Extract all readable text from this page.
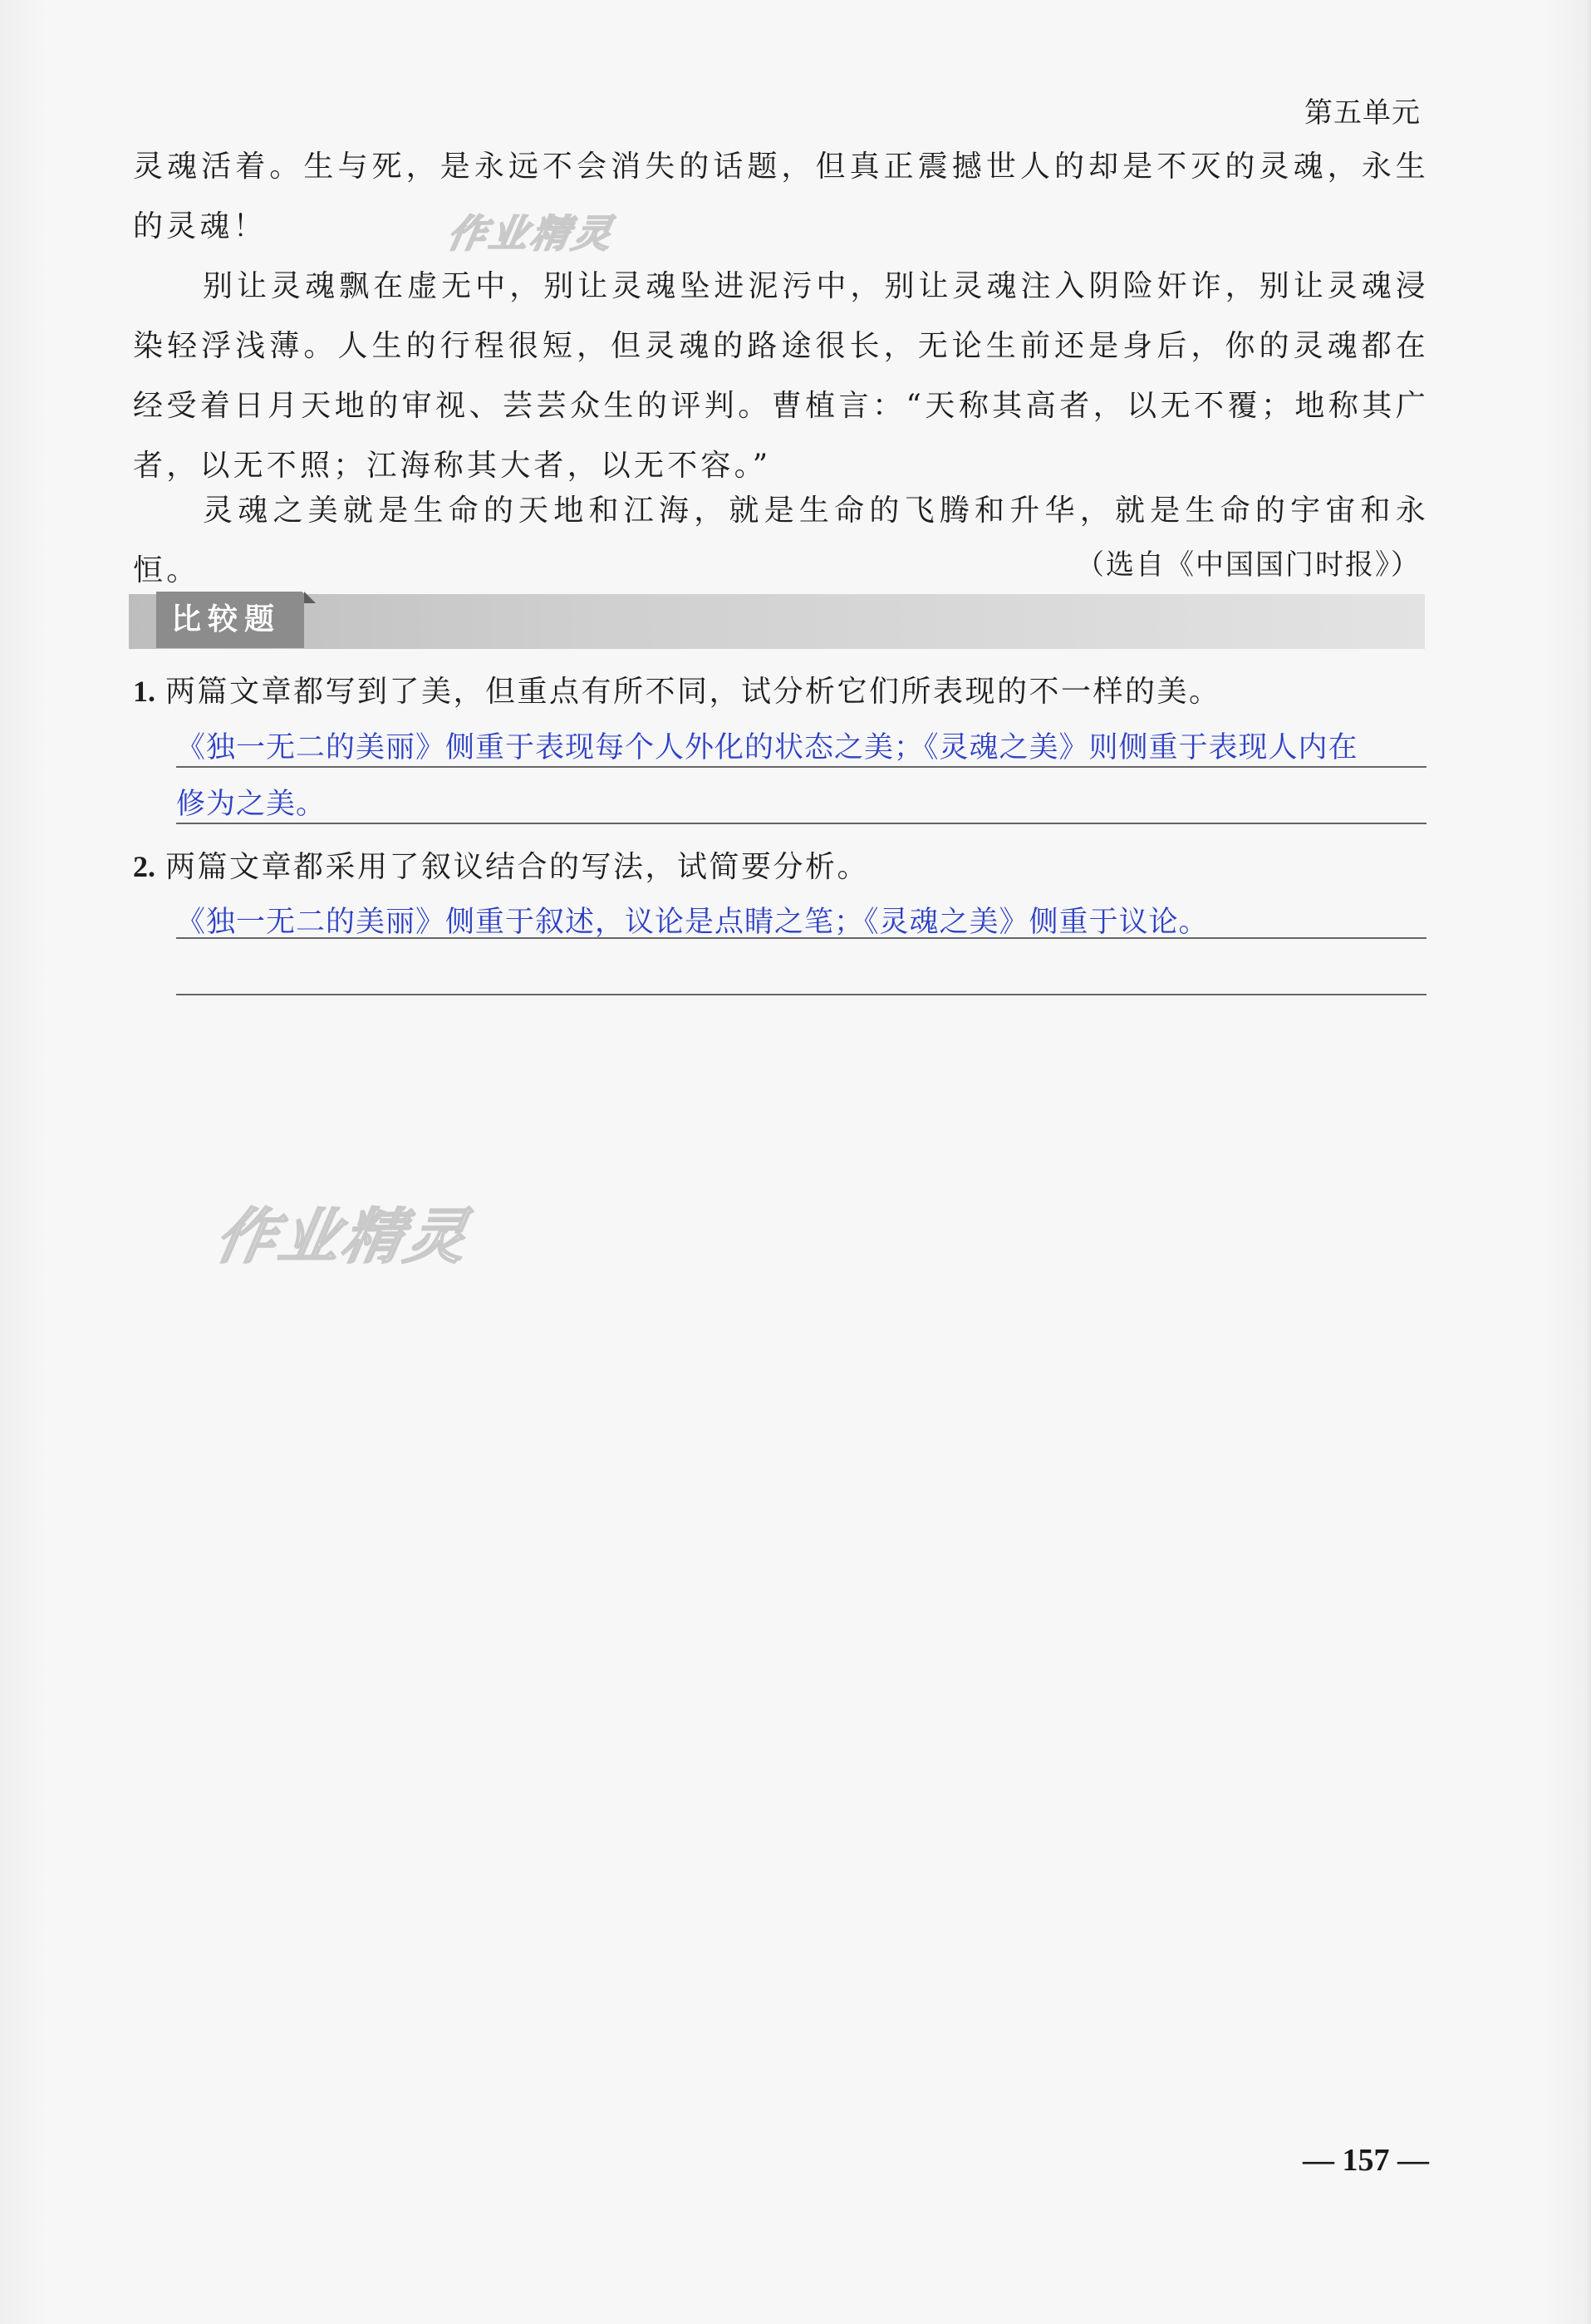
第五单元

灵魂活着。生与死，是永远不会消失的话题，但真正震撼世人的却是不灭的灵魂，永生的灵魂！

别让灵魂飘在虚无中，别让灵魂坠进泥污中，别让灵魂注入阴险奸诈，别让灵魂浸染轻浮浅薄。人生的行程很短，但灵魂的路途很长，无论生前还是身后，你的灵魂都在经受着日月天地的审视、芸芸众生的评判。曹植言：“天称其高者，以无不覆；地称其广者，以无不照；江海称其大者，以无不容。”

灵魂之美就是生命的天地和江海，就是生命的飞腾和升华，就是生命的宇宙和永恒。	（选自《中国国门时报》）
比较题
1. 两篇文章都写到了美，但重点有所不同，试分析它们所表现的不一样的美。
《独一无二的美丽》侧重于表现每个人外化的状态之美；《灵魂之美》则侧重于表现人内在
修为之美。
2. 两篇文章都采用了叙议结合的写法，试简要分析。
《独一无二的美丽》侧重于叙述，议论是点睛之笔；《灵魂之美》侧重于议论。
作业精灵
作业精灵
— 157 —
